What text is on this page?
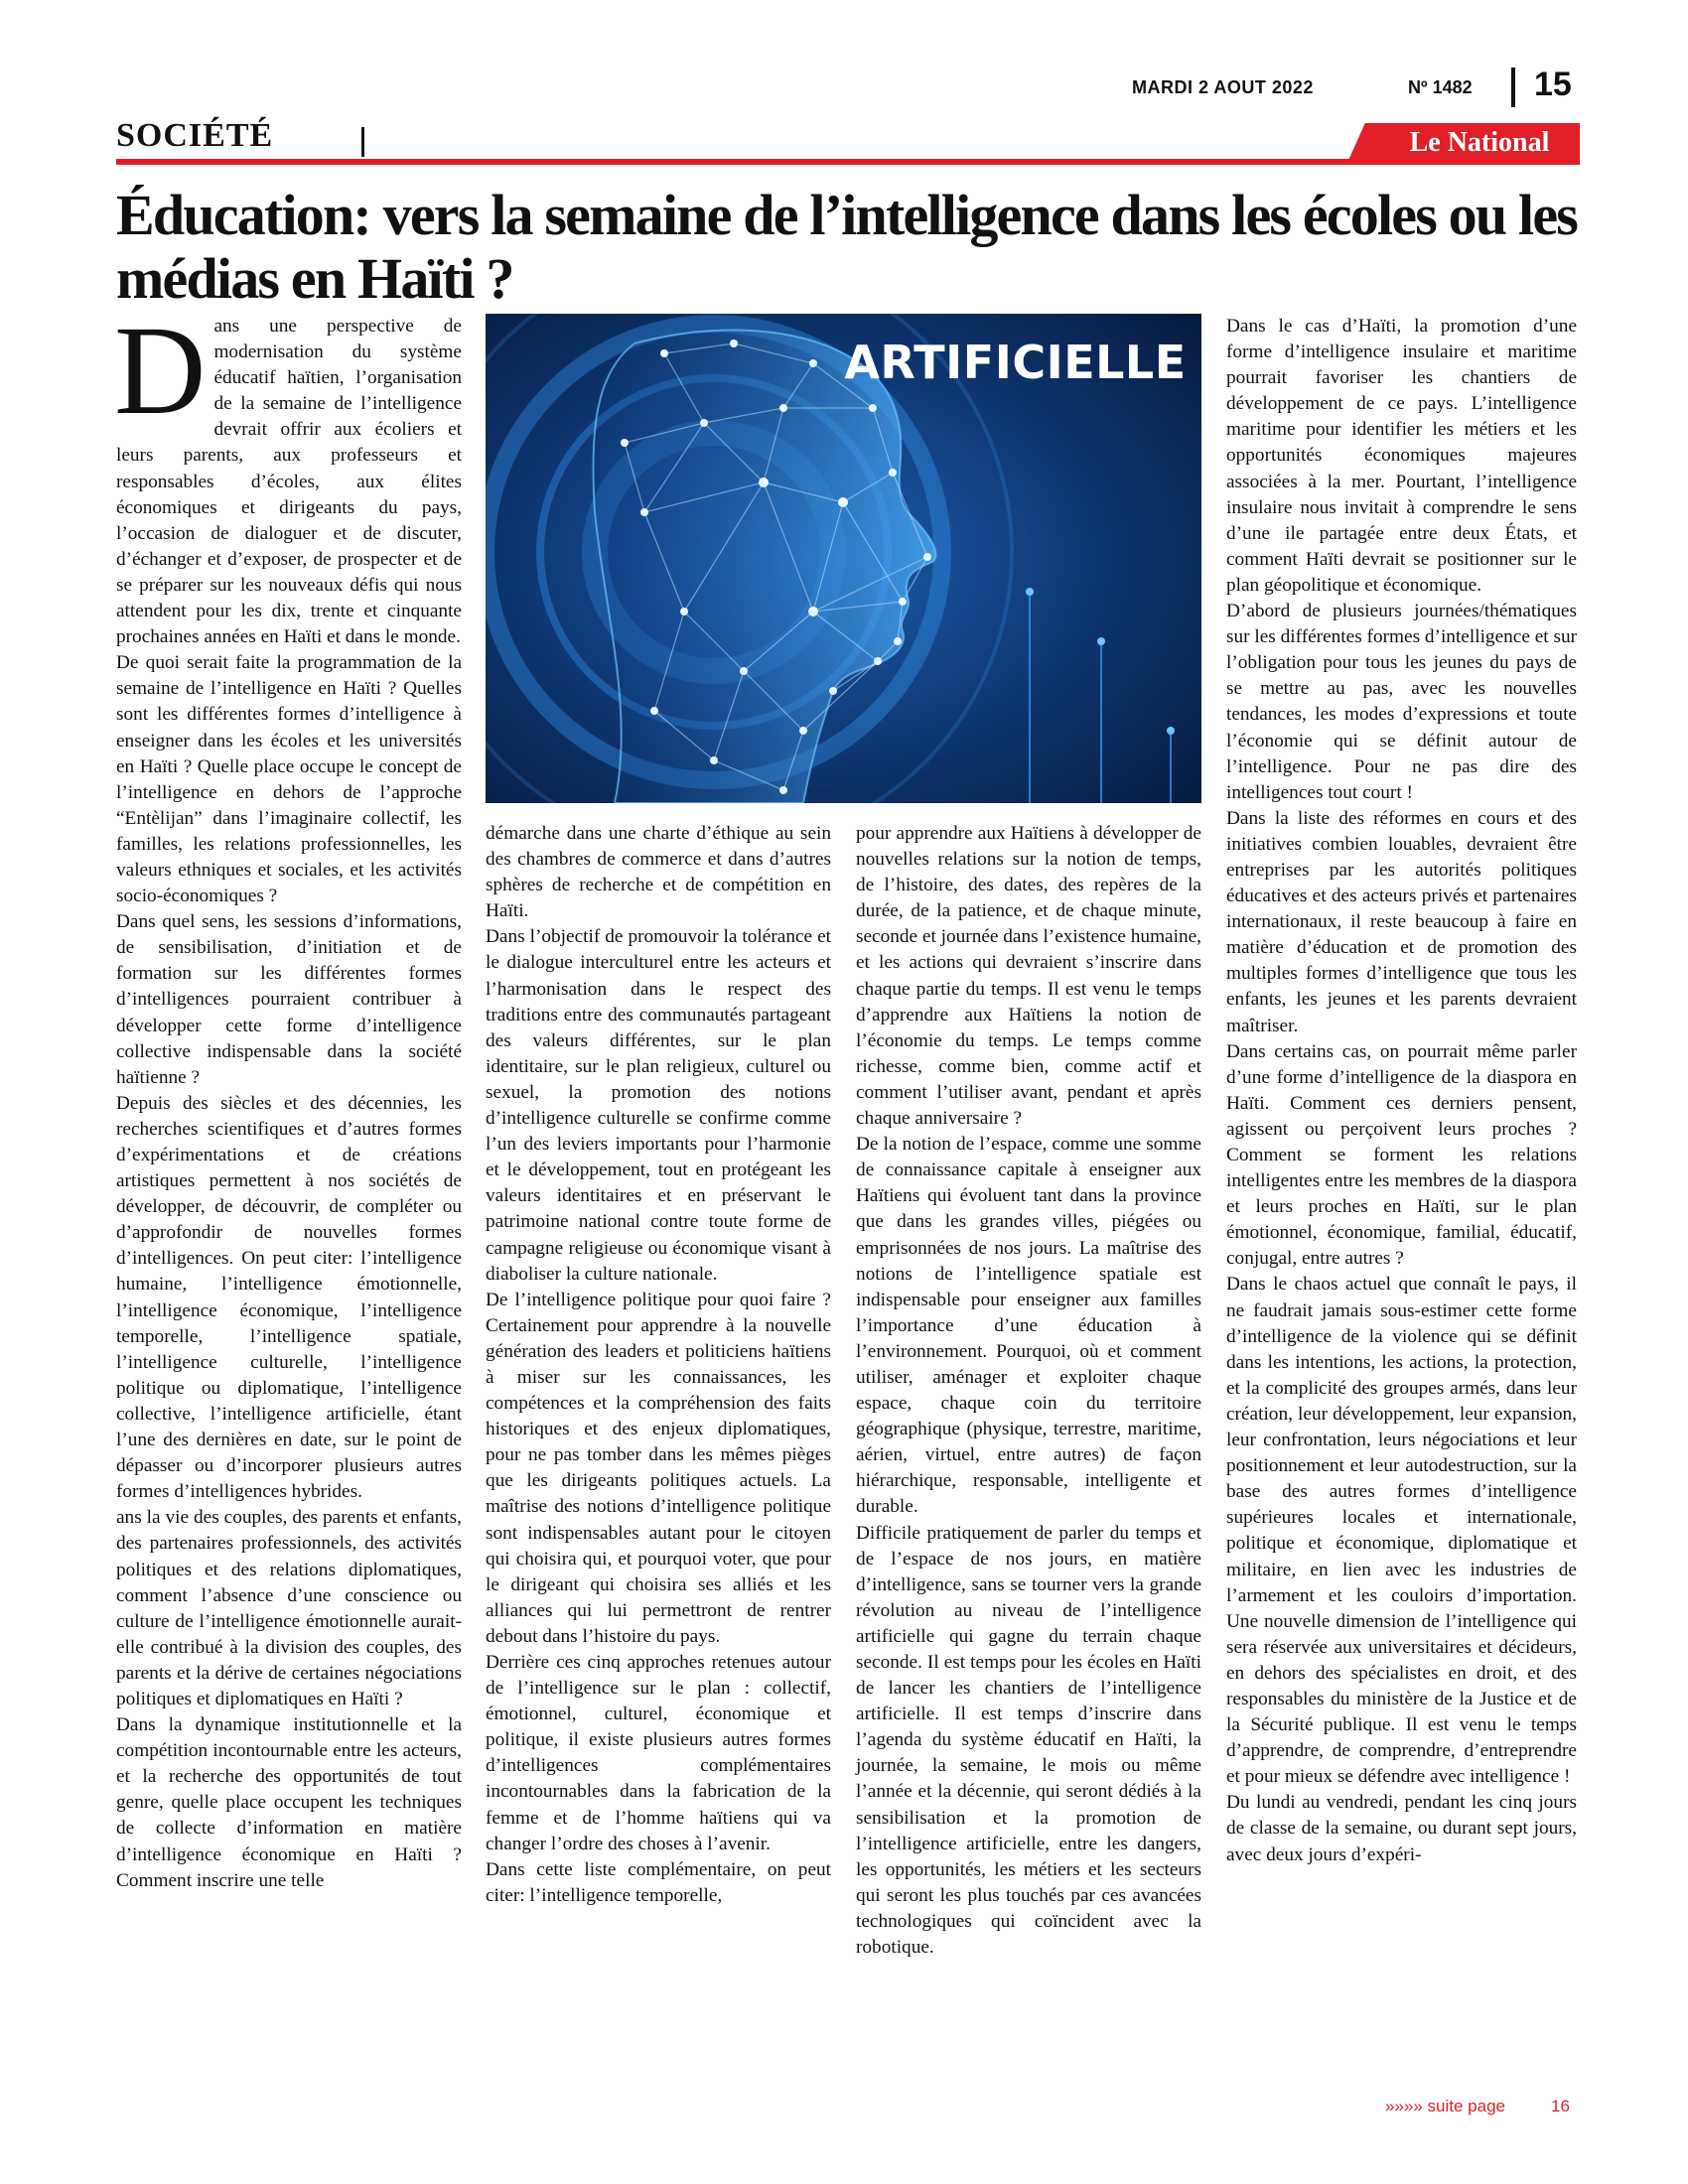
MARDI 2 AOUT 2022	Nº 1482 15
SOCIÉTÉ	Le National
Éducation: vers la semaine de l’intelligence dans les écoles ou les médias en Haïti ?

Dans une perspective de modernisation du système éducatif haïtien, l’organisation de la semaine de l’intelligence devrait offrir aux écoliers et leurs parents, aux professeurs et responsables d’écoles, aux élites économiques et dirigeants du pays, l’occasion de dialoguer et de discuter, d’échanger et d’exposer, de prospecter et de se préparer sur les nouveaux défis qui nous attendent pour les dix, trente et cinquante prochaines années en Haïti et dans le monde.

De quoi serait faite la programmation de la semaine de l’intelligence en Haïti ? Quelles sont les différentes formes d’intelligence à enseigner dans les écoles et les universités en Haïti ? Quelle place occupe le concept de l’intelligence en dehors de l’approche “Entèlijan” dans l’imaginaire collectif, les familles, les relations professionnelles, les valeurs ethniques et sociales, et les activités socio-économiques ?

Dans quel sens, les sessions d’informations, de sensibilisation, d’initiation et de formation sur les différentes formes d’intelligences pourraient contribuer à développer cette forme d’intelligence collective indispensable dans la société haïtienne ?

Depuis des siècles et des décennies, les recherches scientifiques et d’autres formes d’expérimentations et de créations artistiques permettent à nos sociétés de développer, de découvrir, de compléter ou d’approfondir de nouvelles formes d’intelligences. On peut citer: l’intelligence humaine, l’intelligence émotionnelle, l’intelligence économique, l’intelligence temporelle, l’intelligence spatiale, l’intelligence culturelle, l’intelligence politique ou diplomatique, l’intelligence collective, l’intelligence artificielle, étant l’une des dernières en date, sur le point de dépasser ou d’incorporer plusieurs autres formes d’intelligences hybrides.

ans la vie des couples, des parents et enfants, des partenaires professionnels, des activités politiques et des relations diplomatiques, comment l’absence d’une conscience ou culture de l’intelligence émotionnelle aurait-elle contribué à la division des couples, des parents et la dérive de certaines négociations politiques et diplomatiques en Haïti ?

Dans la dynamique institutionnelle et la compétition incontournable entre les acteurs, et la recherche des opportunités de tout genre, quelle place occupent les techniques de collecte d’information en matière d’intelligence économique en Haïti ? Comment inscrire une telle

ARTIFICIELLE

démarche dans une charte d’éthique au sein des chambres de commerce et dans d’autres sphères de recherche et de compétition en Haïti.

Dans l’objectif de promouvoir la tolérance et le dialogue interculturel entre les acteurs et l’harmonisation dans le respect des traditions entre des communautés partageant des valeurs différentes, sur le plan identitaire, sur le plan religieux, culturel ou sexuel, la promotion des notions d’intelligence culturelle se confirme comme l’un des leviers importants pour l’harmonie et le développement, tout en protégeant les valeurs identitaires et en préservant le patrimoine national contre toute forme de campagne religieuse ou économique visant à diaboliser la culture nationale.

De l’intelligence politique pour quoi faire ? Certainement pour apprendre à la nouvelle génération des leaders et politiciens haïtiens à miser sur les connaissances, les compétences et la compréhension des faits historiques et des enjeux diplomatiques, pour ne pas tomber dans les mêmes pièges que les dirigeants politiques actuels. La maîtrise des notions d’intelligence politique sont indispensables autant pour le citoyen qui choisira qui, et pourquoi voter, que pour le dirigeant qui choisira ses alliés et les alliances qui lui permettront de rentrer debout dans l’histoire du pays.

Derrière ces cinq approches retenues autour de l’intelligence sur le plan : collectif, émotionnel, culturel, économique et politique, il existe plusieurs autres formes d’intelligences complémentaires incontournables dans la fabrication de la femme et de l’homme haïtiens qui va changer l’ordre des choses à l’avenir.

Dans cette liste complémentaire, on peut citer: l’intelligence temporelle,

pour apprendre aux Haïtiens à développer de nouvelles relations sur la notion de temps, de l’histoire, des dates, des repères de la durée, de la patience, et de chaque minute, seconde et journée dans l’existence humaine, et les actions qui devraient s’inscrire dans chaque partie du temps. Il est venu le temps d’apprendre aux Haïtiens la notion de l’économie du temps. Le temps comme richesse, comme bien, comme actif et comment l’utiliser avant, pendant et après chaque anniversaire ?

De la notion de l’espace, comme une somme de connaissance capitale à enseigner aux Haïtiens qui évoluent tant dans la province que dans les grandes villes, piégées ou emprisonnées de nos jours. La maîtrise des notions de l’intelligence spatiale est indispensable pour enseigner aux familles l’importance d’une éducation à l’environnement. Pourquoi, où et comment utiliser, aménager et exploiter chaque espace, chaque coin du territoire géographique (physique, terrestre, maritime, aérien, virtuel, entre autres) de façon hiérarchique, responsable, intelligente et durable.

Difficile pratiquement de parler du temps et de l’espace de nos jours, en matière d’intelligence, sans se tourner vers la grande révolution au niveau de l’intelligence artificielle qui gagne du terrain chaque seconde. Il est temps pour les écoles en Haïti de lancer les chantiers de l’intelligence artificielle. Il est temps d’inscrire dans l’agenda du système éducatif en Haïti, la journée, la semaine, le mois ou même l’année et la décennie, qui seront dédiés à la sensibilisation et la promotion de l’intelligence artificielle, entre les dangers, les opportunités, les métiers et les secteurs qui seront les plus touchés par ces avancées technologiques qui coïncident avec la robotique.

Dans le cas d’Haïti, la promotion d’une forme d’intelligence insulaire et maritime pourrait favoriser les chantiers de développement de ce pays. L’intelligence maritime pour identifier les métiers et les opportunités économiques majeures associées à la mer. Pourtant, l’intelligence insulaire nous invitait à comprendre le sens d’une ile partagée entre deux États, et comment Haïti devrait se positionner sur le plan géopolitique et économique.

D’abord de plusieurs journées/thématiques sur les différentes formes d’intelligence et sur l’obligation pour tous les jeunes du pays de se mettre au pas, avec les nouvelles tendances, les modes d’expressions et toute l’économie qui se définit autour de l’intelligence. Pour ne pas dire des intelligences tout court !

Dans la liste des réformes en cours et des initiatives combien louables, devraient être entreprises par les autorités politiques éducatives et des acteurs privés et partenaires internationaux, il reste beaucoup à faire en matière d’éducation et de promotion des multiples formes d’intelligence que tous les enfants, les jeunes et les parents devraient maîtriser.

Dans certains cas, on pourrait même parler d’une forme d’intelligence de la diaspora en Haïti. Comment ces derniers pensent, agissent ou perçoivent leurs proches ? Comment se forment les relations intelligentes entre les membres de la diaspora et leurs proches en Haïti, sur le plan émotionnel, économique, familial, éducatif, conjugal, entre autres ?

Dans le chaos actuel que connaît le pays, il ne faudrait jamais sous-estimer cette forme d’intelligence de la violence qui se définit dans les intentions, les actions, la protection, et la complicité des groupes armés, dans leur création, leur développement, leur expansion, leur confrontation, leurs négociations et leur positionnement et leur autodestruction, sur la base des autres formes d’intelligence supérieures locales et internationale, politique et économique, diplomatique et militaire, en lien avec les industries de l’armement et les couloirs d’importation. Une nouvelle dimension de l’intelligence qui sera réservée aux universitaires et décideurs, en dehors des spécialistes en droit, et des responsables du ministère de la Justice et de la Sécurité publique. Il est venu le temps d’apprendre, de comprendre, d’entreprendre et pour mieux se défendre avec intelligence !

Du lundi au vendredi, pendant les cinq jours de classe de la semaine, ou durant sept jours, avec deux jours d’expéri-

»»»» suite page	16
